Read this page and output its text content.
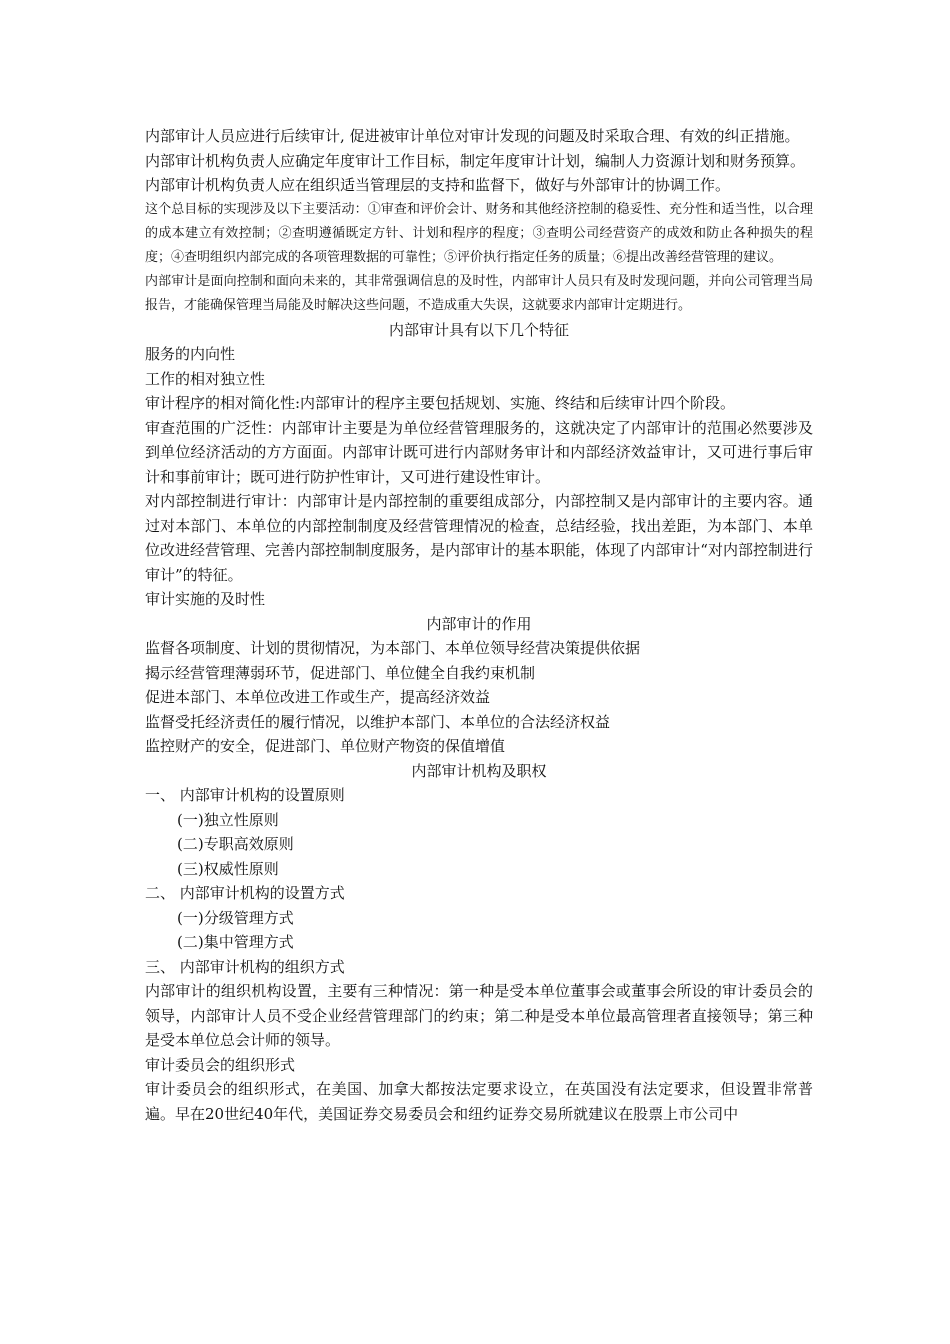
内部审计人员应进行后续审计, 促进被审计单位对审计发现的问题及时采取合理、有效的纠正措施。

内部审计机构负责人应确定年度审计工作目标，制定年度审计计划，编制人力资源计划和财务预算。

内部审计机构负责人应在组织适当管理层的支持和监督下，做好与外部审计的协调工作。

这个总目标的实现涉及以下主要活动：①审查和评价会计、财务和其他经济控制的稳妥性、充分性和适当性，以合理的成本建立有效控制；②查明遵循既定方针、计划和程序的程度；③查明公司经营资产的成效和防止各种损失的程度；④查明组织内部完成的各项管理数据的可靠性；⑤评价执行指定任务的质量；⑥提出改善经营管理的建议。

内部审计是面向控制和面向未来的，其非常强调信息的及时性，内部审计人员只有及时发现问题，并向公司管理当局报告，才能确保管理当局能及时解决这些问题，不造成重大失误，这就要求内部审计定期进行。

内部审计具有以下几个特征

服务的内向性

工作的相对独立性

审计程序的相对简化性:内部审计的程序主要包括规划、实施、终结和后续审计四个阶段。

审查范围的广泛性：内部审计主要是为单位经营管理服务的，这就决定了内部审计的范围必然要涉及到单位经济活动的方方面面。内部审计既可进行内部财务审计和内部经济效益审计，又可进行事后审计和事前审计；既可进行防护性审计，又可进行建设性审计。

对内部控制进行审计：内部审计是内部控制的重要组成部分，内部控制又是内部审计的主要内容。通过对本部门、本单位的内部控制制度及经营管理情况的检查，总结经验，找出差距，为本部门、本单位改进经营管理、完善内部控制制度服务，是内部审计的基本职能，体现了内部审计“对内部控制进行审计”的特征。

审计实施的及时性

内部审计的作用

监督各项制度、计划的贯彻情况，为本部门、本单位领导经营决策提供依据

揭示经营管理薄弱环节，促进部门、单位健全自我约束机制

促进本部门、本单位改进工作或生产，提高经济效益

监督受托经济责任的履行情况，以维护本部门、本单位的合法经济权益

监控财产的安全，促进部门、单位财产物资的保值增值

内部审计机构及职权

一、 内部审计机构的设置原则

(一)独立性原则

(二)专职高效原则

(三)权威性原则

二、 内部审计机构的设置方式

(一)分级管理方式

(二)集中管理方式

三、 内部审计机构的组织方式

内部审计的组织机构设置，主要有三种情况：第一种是受本单位董事会或董事会所设的审计委员会的领导，内部审计人员不受企业经营管理部门的约束；第二种是受本单位最高管理者直接领导；第三种是受本单位总会计师的领导。

审计委员会的组织形式

审计委员会的组织形式，在美国、加拿大都按法定要求设立，在英国没有法定要求，但设置非常普遍。早在20世纪40年代，美国证券交易委员会和纽约证券交易所就建议在股票上市公司中
